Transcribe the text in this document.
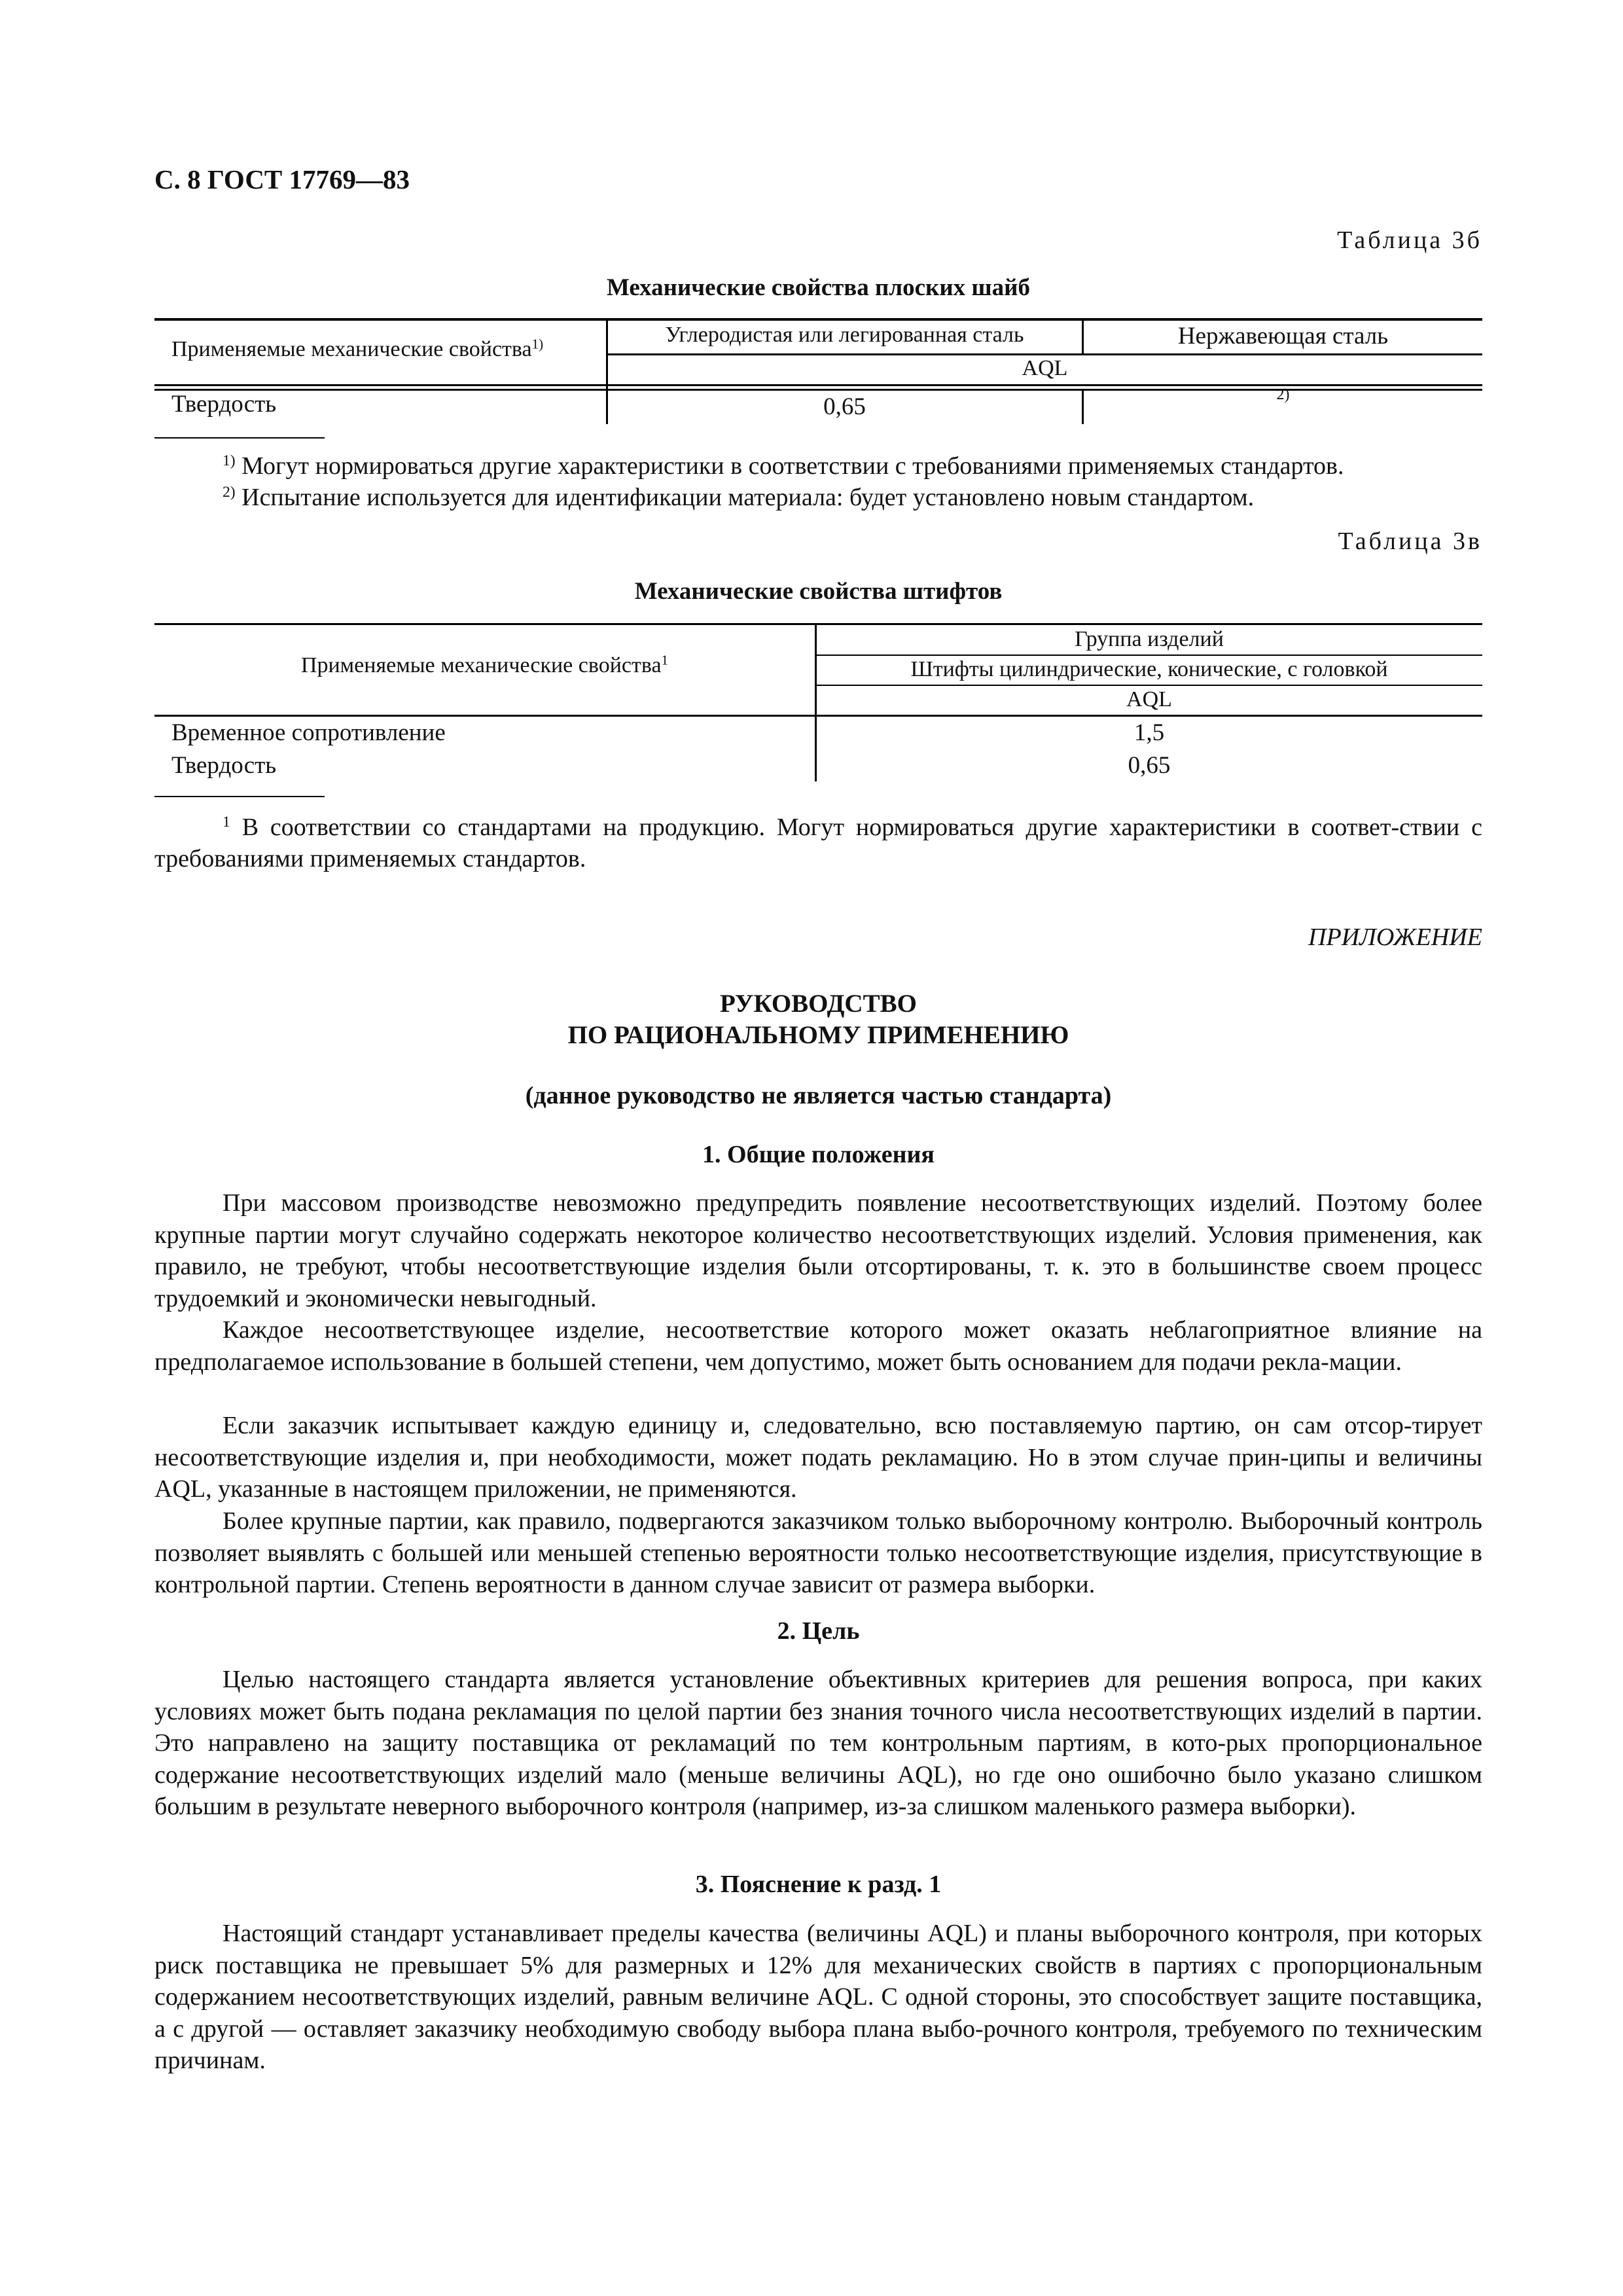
С. 8 ГОСТ 17769—83
Таблица 3б
Механические свойства плоских шайб
Применяемые механические свойства$^{1)}$	Углеродистая или легированная сталь	Нержавеющая сталь
AQL
Твердость	0,65	2)
$^{1)}$ Могут нормироваться другие характеристики в соответствии с требованиями применяемых стандартов.
$^{2)}$ Испытание используется для идентификации материала: будет установлено новым стандартом.
Таблица 3в
Механические свойства штифтов
Применяемые механические свойства$^1$
Группа изделий
Штифты цилиндрические, конические, с головкой
AQL
Временное сопротивление	1,5
Твердость	0,65
$^1$ В соответствии со стандартами на продукцию. Могут нормироваться другие характеристики в соответ-ствии с требованиями применяемых стандартов.
ПРИЛОЖЕНИЕ
РУКОВОДСТВО
ПО РАЦИОНАЛЬНОМУ ПРИМЕНЕНИЮ
(данное руководство не является частью стандарта)
1. Общие положения
При массовом производстве невозможно предупредить появление несоответствующих изделий. Поэтому более крупные партии могут случайно содержать некоторое количество несоответствующих изделий. Условия применения, как правило, не требуют, чтобы несоответствующие изделия были отсортированы, т. к. это в большинстве своем процесс трудоемкий и экономически невыгодный.
Каждое несоответствующее изделие, несоответствие которого может оказать неблагоприятное влияние на предполагаемое использование в большей степени, чем допустимо, может быть основанием для подачи рекла-мации.
Если заказчик испытывает каждую единицу и, следовательно, всю поставляемую партию, он сам отсор-тирует несоответствующие изделия и, при необходимости, может подать рекламацию. Но в этом случае прин-ципы и величины AQL, указанные в настоящем приложении, не применяются.
Более крупные партии, как правило, подвергаются заказчиком только выборочному контролю. Выборочный контроль позволяет выявлять с большей или меньшей степенью вероятности только несоответствующие изделия, присутствующие в контрольной партии. Степень вероятности в данном случае зависит от размера выборки.
2. Цель
Целью настоящего стандарта является установление объективных критериев для решения вопроса, при каких условиях может быть подана рекламация по целой партии без знания точного числа несоответствующих изделий в партии. Это направлено на защиту поставщика от рекламаций по тем контрольным партиям, в кото-рых пропорциональное содержание несоответствующих изделий мало (меньше величины AQL), но где оно ошибочно было указано слишком большим в результате неверного выборочного контроля (например, из-за слишком маленького размера выборки).
3. Пояснение к разд. 1
Настоящий стандарт устанавливает пределы качества (величины AQL) и планы выборочного контроля, при которых риск поставщика не превышает 5% для размерных и 12% для механических свойств в партиях с пропорциональным содержанием несоответствующих изделий, равным величине AQL. С одной стороны, это способствует защите поставщика, а с другой — оставляет заказчику необходимую свободу выбора плана выбо-рочного контроля, требуемого по техническим причинам.
